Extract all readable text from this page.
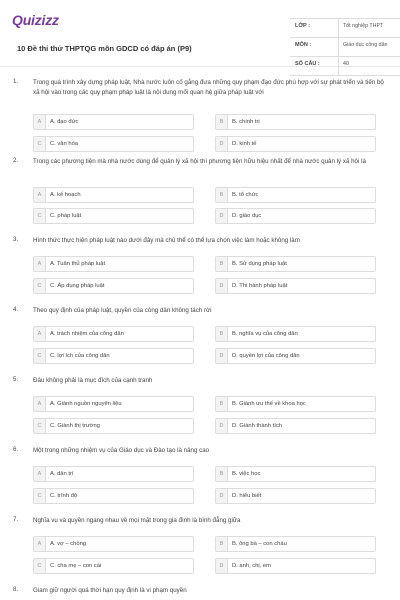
Quizizz
10 Đề thi thử THPTQG môn GDCD có đáp án (P9)
LỚP :	Tốt nghiệp THPT
MÔN :	Giáo dục công dân
SỐ CÂU :	40
1. Trong quá trình xây dựng pháp luật, Nhà nước luôn cố gắng đưa những quy phạm đạo đức phù hợp với sự phát triển và tiến bộ xã hội vào trong các quy phạm pháp luật là nội dung mối quan hệ giữa pháp luật với
A	A. đạo đức	B	B. chính trị
C	C. văn hóa	D	D. kinh tế
2. Trong các phương tiện mà nhà nước dùng để quản lý xã hội thì phương tiện hữu hiệu nhất để nhà nước quản lý xã hội là
A	A. kế hoạch	B	B. tổ chức
C	C. pháp luật	D	D. giáo dục
3. Hình thức thực hiện pháp luật nào dưới đây mà chủ thể có thể lựa chọn việc làm hoặc không làm
A	A. Tuân thủ pháp luật	B	B. Sử dụng pháp luật
C	C. Áp dụng pháp luật	D	D. Thi hành pháp luật
4. Theo quy định của pháp luật, quyền của công dân không tách rời
A	A. trách nhiệm của công dân	B	B. nghĩa vụ của công dân
C	C. lợi ích của công dân	D	D. quyền lợi của công dân
5. Đâu không phải là mục đích của cạnh tranh
A	A. Giành nguồn nguyên liệu	B	B. Giành ưu thế về khoa học
C	C. Giành thị trường	D	D. Giành thành tích
6. Một trong những nhiệm vụ của Giáo dục và Đào tạo là nâng cao
A	A. dân trí	B	B. việc học
C	C. trình độ	D	D. hiểu biết
7. Nghĩa vụ và quyền ngang nhau về mọi mặt trong gia đình là bình đẳng giữa
A	A. vợ – chồng	B	B. ông bà – con cháu
C	C. cha mẹ – con cái	D	D. anh, chị, em
8. Giam giữ người quá thời hạn quy định là vi phạm quyền
